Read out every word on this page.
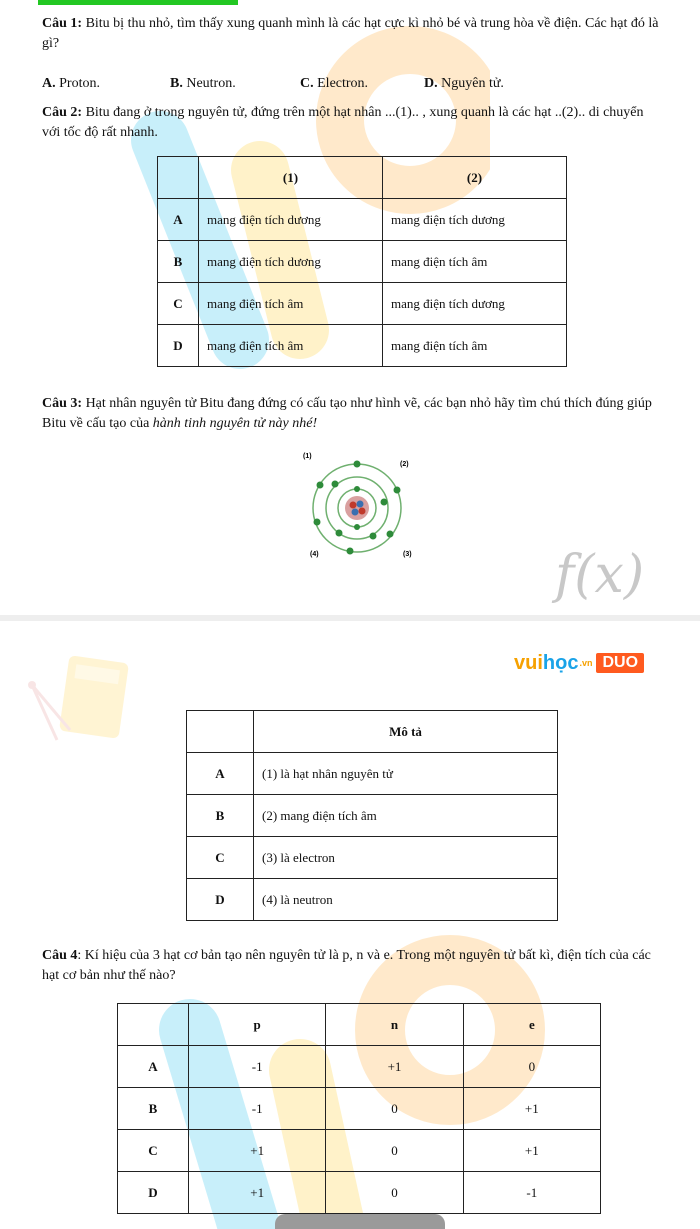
Câu 1: Bitu bị thu nhỏ, tìm thấy xung quanh mình là các hạt cực kì nhỏ bé và trung hòa về điện. Các hạt đó là gì?

A. Proton.	B. Neutron.	C. Electron.	D. Nguyên tử.

Câu 2: Bitu đang ở trong nguyên tử, đứng trên một hạt nhân ...(1).. , xung quanh là các hạt ..(2).. di chuyển với tốc độ rất nhanh.

	(1)	(2)
A	mang điện tích dương	mang điện tích dương
B	mang điện tích dương	mang điện tích âm
C	mang điện tích âm	mang điện tích dương
D	mang điện tích âm	mang điện tích âm

Câu 3: Hạt nhân nguyên tử Bitu đang đứng có cấu tạo như hình vẽ, các bạn nhỏ hãy tìm chú thích đúng giúp Bitu về cấu tạo của hành tinh nguyên tử này nhé!

(1)
(2)
(3)
(4)	f(x)
vui học .vn DUO
	Mô tả
A	(1) là hạt nhân nguyên tử
B	(2) mang điện tích âm
C	(3) là electron
D	(4) là neutron

Câu 4: Kí hiệu của 3 hạt cơ bản tạo nên nguyên tử là p, n và e. Trong một nguyên tử bất kì, điện tích của các hạt cơ bản như thế nào?

	p	n	e
A	-1	+1	0
B	-1	0	+1
C	+1	0	+1
D	+1	0	-1
